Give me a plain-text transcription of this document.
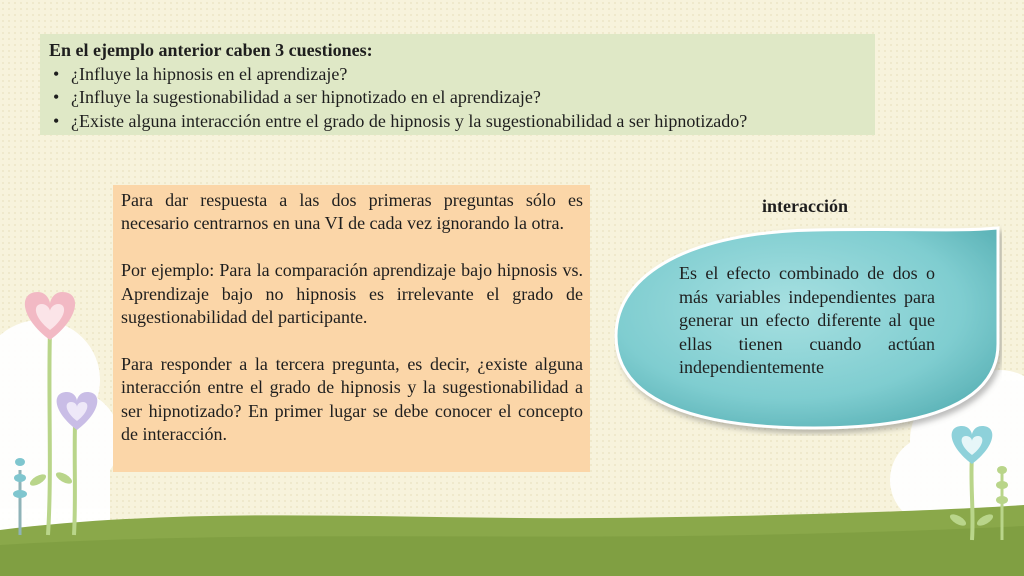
En el ejemplo anterior caben 3 cuestiones:
• ¿Influye la hipnosis en el aprendizaje?
• ¿Influye la sugestionabilidad a ser hipnotizado en el aprendizaje?
• ¿Existe alguna interacción entre el grado de hipnosis y la sugestionabilidad a ser hipnotizado?

Para dar respuesta a las dos primeras preguntas sólo es necesario centrarnos en una VI de cada vez ignorando la otra.

Por ejemplo: Para la comparación aprendizaje bajo hipnosis vs. Aprendizaje bajo no hipnosis es irrelevante el grado de sugestionabilidad del participante.

Para responder a la tercera pregunta, es decir, ¿existe alguna interacción entre el grado de hipnosis y la sugestionabilidad a ser hipnotizado? En primer lugar se debe conocer el concepto de interacción.

interacción
Es el efecto combinado de dos o más variables independientes para generar un efecto diferente al que ellas tienen cuando actúan independientemente
